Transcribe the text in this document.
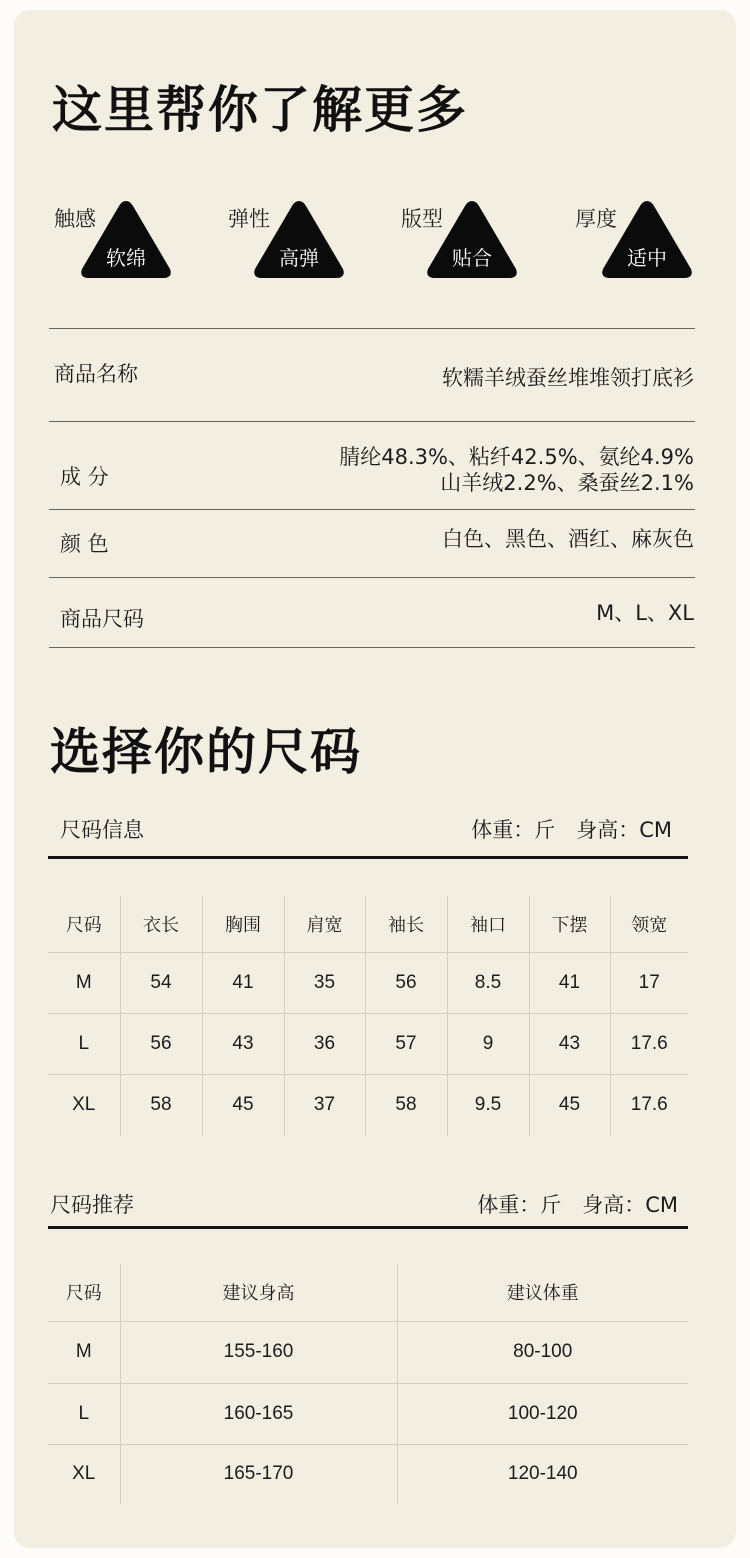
这里帮你了解更多
触感
软绵
弹性
高弹
版型
贴合
厚度
适中
商品名称	软糯羊绒蚕丝堆堆领打底衫
成 分
腈纶48.3%、粘纤42.5%、氨纶4.9%
山羊绒2.2%、桑蚕丝2.1%
颜 色	白色、黑色、酒红、麻灰色
商品尺码	M、L、XL
选择你的尺码
尺码信息	体重：斤　身高：CM
尺码	衣长	胸围	肩宽	袖长	袖口	下摆	领宽
M	54	41	35	56	8.5	41	17
L	56	43	36	57	9	43	17.6
XL	58	45	37	58	9.5	45	17.6
尺码推荐	体重：斤　身高：CM
尺码	建议身高	建议体重
M	155-160	80-100
L	160-165	100-120
XL	165-170	120-140
